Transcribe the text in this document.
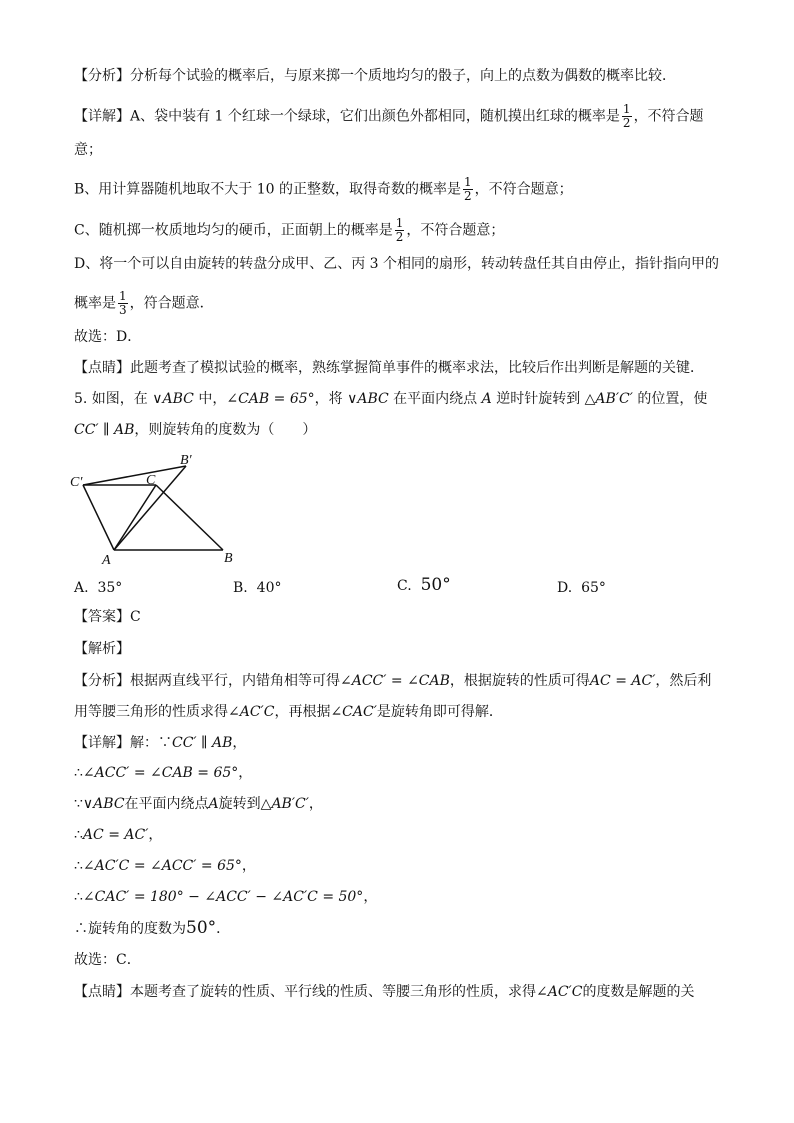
【分析】分析每个试验的概率后，与原来掷一个质地均匀的骰子，向上的点数为偶数的概率比较．
【详解】A、袋中装有 1 个红球一个绿球，它们出颜色外都相同，随机摸出红球的概率是 $\frac{1}{2}$ ，不符合题
意；
B、用计算器随机地取不大于 10 的正整数，取得奇数的概率是 $\frac{1}{2}$ ，不符合题意；
C、随机掷一枚质地均匀的硬币，正面朝上的概率是 $\frac{1}{2}$ ，不符合题意；
D、将一个可以自由旋转的转盘分成甲、乙、丙 3 个相同的扇形，转动转盘任其自由停止，指针指向甲的
概率是 $\frac{1}{3}$ ，符合题意．
故选：D．
【点睛】此题考查了模拟试验的概率，熟练掌握简单事件的概率求法，比较后作出判断是解题的关键．
5. 如图，在 ∨ABC 中，∠CAB = 65°，将 ∨ABC 在平面内绕点 A 逆时针旋转到 △AB′C′ 的位置，使
CC′ ∥ AB，则旋转角的度数为（　　）
A	B
C
B′
C′
A. 35°	B. 40°	C. 50°	D. 65°
【答案】C
【解析】
【分析】根据两直线平行，内错角相等可得∠ACC′ = ∠CAB，根据旋转的性质可得AC = AC′，然后利
用等腰三角形的性质求得∠AC′C，再根据∠CAC′是旋转角即可得解．
【详解】解：∵CC′ ∥ AB，
∴∠ACC′ = ∠CAB = 65°，
∵∨ABC在平面内绕点A旋转到△AB′C′，
∴AC = AC′，
∴∠AC′C = ∠ACC′ = 65°，
∴∠CAC′ = 180° − ∠ACC′ − ∠AC′C = 50°，
∴旋转角的度数为50°．
故选：C．
【点睛】本题考查了旋转的性质、平行线的性质、等腰三角形的性质，求得∠AC′C的度数是解题的关
